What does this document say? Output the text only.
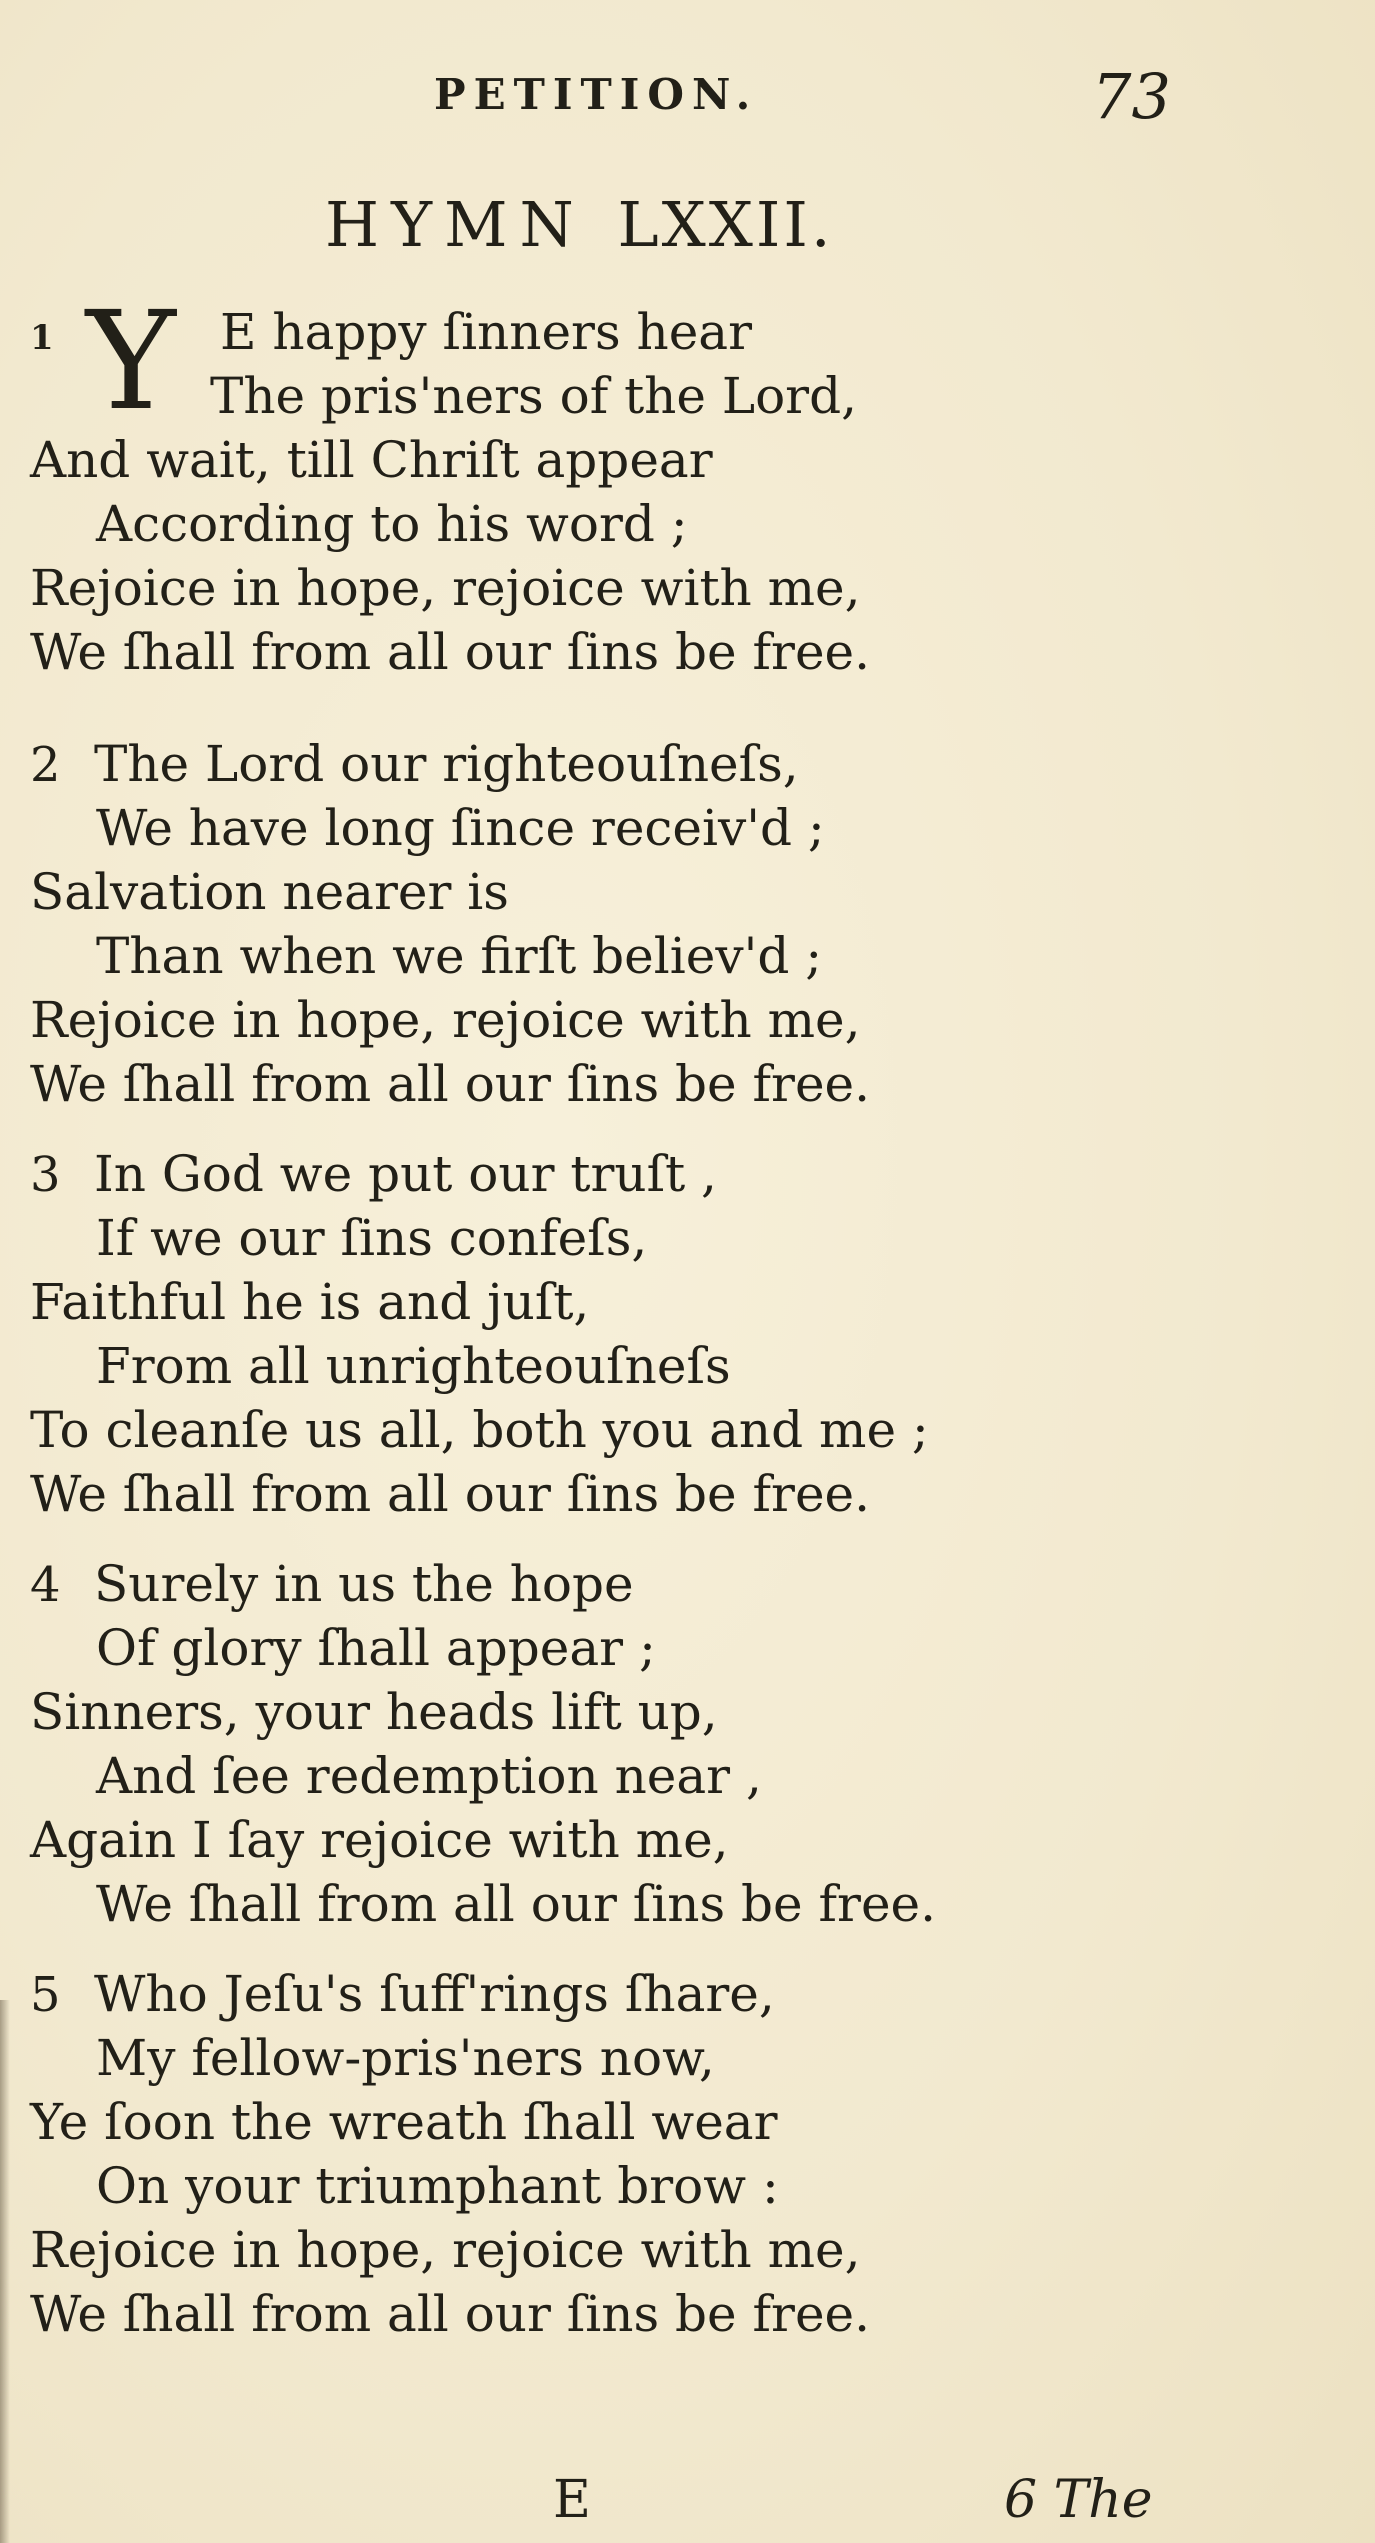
PETITION.	73
HYMN LXXII.
1 Y E happy ſinners hear
The pris'ners of the Lord,
And wait, till Chriſt appear
According to his word ;
Rejoice in hope, rejoice with me,
We ſhall from all our ſins be free.
2 The Lord our righteouſneſs,
We have long ſince receiv'd ;
Salvation nearer is
Than when we firſt believ'd ;
Rejoice in hope, rejoice with me,
We ſhall from all our ſins be free.
3 In God we put our truſt ,
If we our ſins confeſs,
Faithful he is and juſt,
From all unrighteouſneſs
To cleanſe us all, both you and me ;
We ſhall from all our ſins be free.
4 Surely in us the hope
Of glory ſhall appear ;
Sinners, your heads lift up,
And ſee redemption near ,
Again I ſay rejoice with me,
We ſhall from all our ſins be free.
5 Who Jeſu's ſuff'rings ſhare,
My fellow-pris'ners now,
Ye ſoon the wreath ſhall wear
On your triumphant brow :
Rejoice in hope, rejoice with me,
We ſhall from all our ſins be free.
E	6 The
